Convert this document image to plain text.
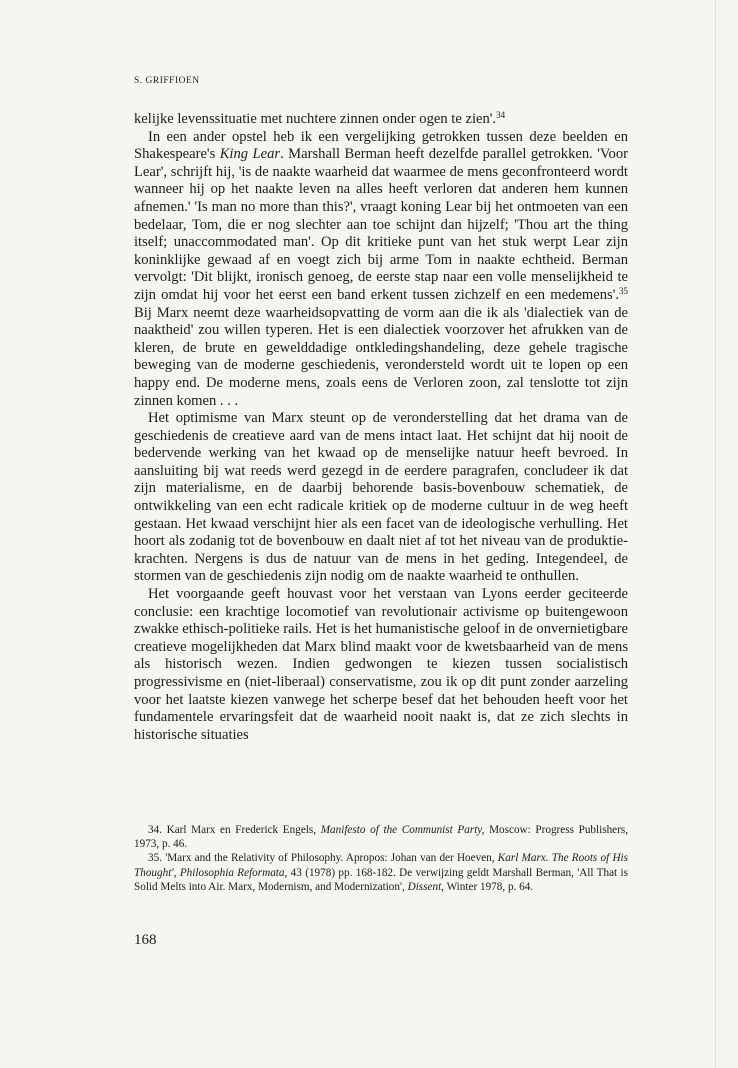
S. GRIFFIOEN

kelijke levenssituatie met nuchtere zinnen onder ogen te zien'.$^{34}$

In een ander opstel heb ik een vergelijking getrokken tussen deze beelden en Shakespeare's King Lear. Marshall Berman heeft dezelfde parallel getrokken. 'Voor Lear', schrijft hij, 'is de naakte waarheid dat waarmee de mens geconfronteerd wordt wanneer hij op het naakte leven na alles heeft verloren dat anderen hem kunnen afnemen.' 'Is man no more than this?', vraagt koning Lear bij het ontmoeten van een bedelaar, Tom, die er nog slechter aan toe schijnt dan hijzelf; 'Thou art the thing itself; unaccommodated man'. Op dit kritieke punt van het stuk werpt Lear zijn koninklijke gewaad af en voegt zich bij arme Tom in naakte echtheid. Berman vervolgt: 'Dit blijkt, ironisch genoeg, de eerste stap naar een volle menselijkheid te zijn omdat hij voor het eerst een band erkent tussen zichzelf en een medemens'.$^{35}$ Bij Marx neemt deze waarheidsopvatting de vorm aan die ik als 'dialectiek van de naaktheid' zou willen typeren. Het is een dialectiek voorzover het afrukken van de kleren, de brute en gewelddadige ontkledingshandeling, deze gehele tragische beweging van de moderne geschiedenis, verondersteld wordt uit te lopen op een happy end. De moderne mens, zoals eens de Verloren zoon, zal tenslotte tot zijn zinnen komen . . .

Het optimisme van Marx steunt op de veronderstelling dat het drama van de geschiedenis de creatieve aard van de mens intact laat. Het schijnt dat hij nooit de bedervende werking van het kwaad op de menselijke natuur heeft bevroed. In aansluiting bij wat reeds werd gezegd in de eerdere paragrafen, concludeer ik dat zijn materialisme, en de daarbij behorende basis-bovenbouw schematiek, de ontwikkeling van een echt radicale kritiek op de moderne cultuur in de weg heeft gestaan. Het kwaad verschijnt hier als een facet van de ideologische verhulling. Het hoort als zodanig tot de bovenbouw en daalt niet af tot het niveau van de produktie-krachten. Nergens is dus de natuur van de mens in het geding. Integendeel, de stormen van de geschiedenis zijn nodig om de naakte waarheid te onthullen.

Het voorgaande geeft houvast voor het verstaan van Lyons eerder geciteerde conclusie: een krachtige locomotief van revolutionair activisme op buitengewoon zwakke ethisch-politieke rails. Het is het humanistische geloof in de onvernietigbare creatieve mogelijkheden dat Marx blind maakt voor de kwetsbaarheid van de mens als historisch wezen. Indien gedwongen te kiezen tussen socialistisch progressivisme en (niet-liberaal) conservatisme, zou ik op dit punt zonder aarzeling voor het laatste kiezen vanwege het scherpe besef dat het behouden heeft voor het fundamentele ervaringsfeit dat de waarheid nooit naakt is, dat ze zich slechts in historische situaties

34. Karl Marx en Frederick Engels, Manifesto of the Communist Party, Moscow: Progress Publishers, 1973, p. 46.

35. 'Marx and the Relativity of Philosophy. Apropos: Johan van der Hoeven, Karl Marx. The Roots of His Thought', Philosophia Reformata, 43 (1978) pp. 168-182. De verwijzing geldt Marshall Berman, 'All That is Solid Melts into Air. Marx, Modernism, and Modernization', Dissent, Winter 1978, p. 64.

168
